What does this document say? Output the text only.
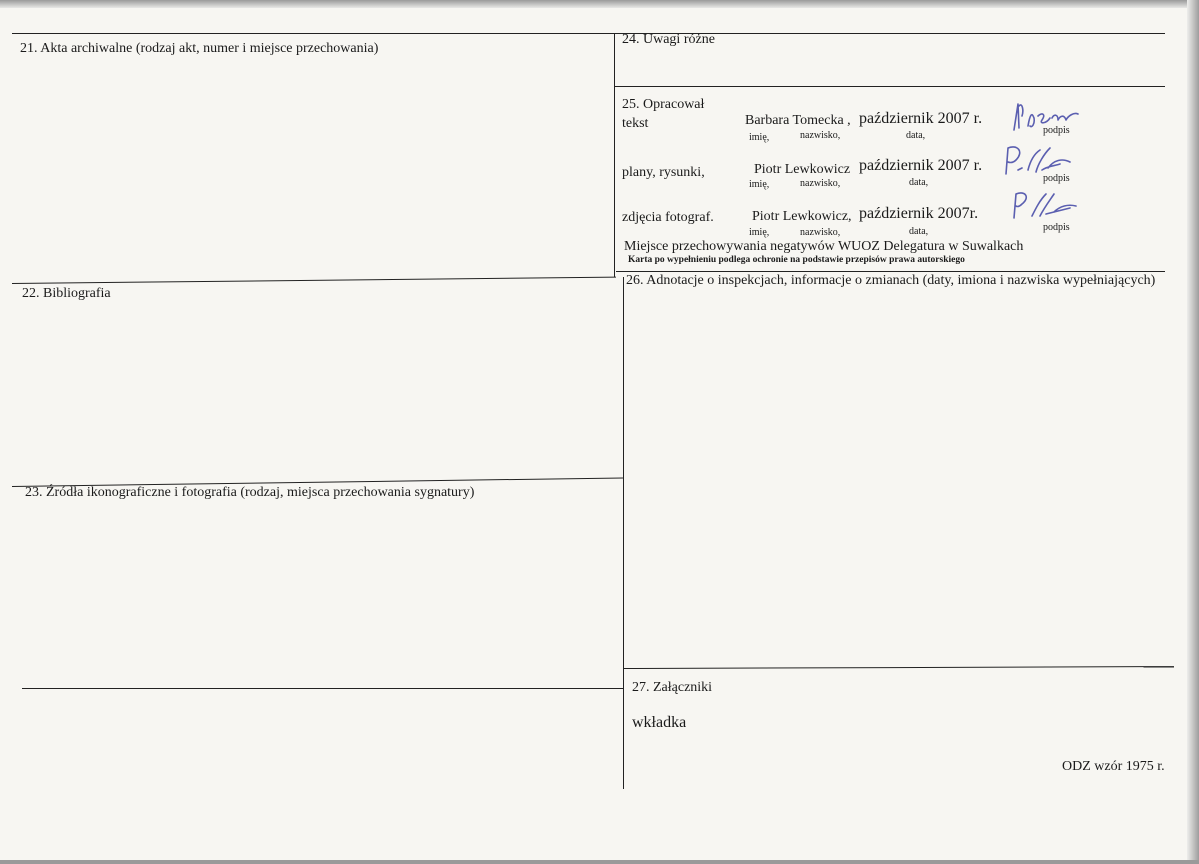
21. Akta archiwalne (rodzaj akt, numer i miejsce przechowania)
22. Bibliografia
23. Źródła ikonograficzne i fotografia (rodzaj, miejsca przechowania sygnatury)
24. Uwagi różne
25. Opracował
26. Adnotacje o inspekcjach, informacje o zmianach (daty, imiona i nazwiska wypełniających)
27. Załączniki
tekst	Barbara Tomecka , październik 2007 r.
imię,	nazwisko,	data,	podpis
plany, rysunki,	Piotr Lewkowicz październik 2007 r.
imię,	nazwisko,	data,	podpis
zdjęcia fotograf.	Piotr Lewkowicz, październik 2007r.
imię,	nazwisko,	data,	podpis
Miejsce przechowywania negatywów WUOZ Delegatura w Suwalkach
Karta po wypełnieniu podlega ochronie na podstawie przepisów prawa autorskiego
wkładka
ODZ wzór 1975 r.
